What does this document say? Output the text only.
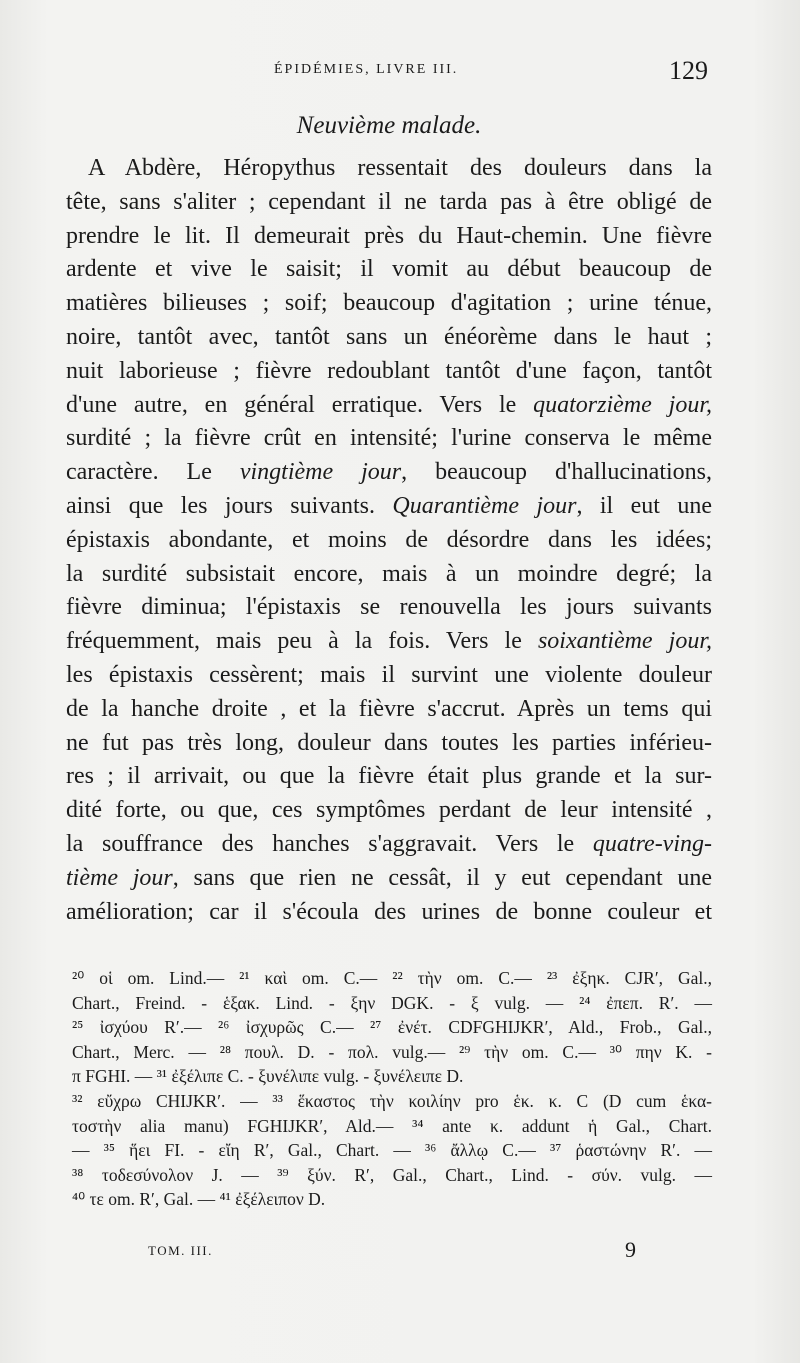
ÉPIDÉMIES, LIVRE III.	129
Neuvième malade.
A Abdère, Héropythus ressentait des douleurs dans la
tête, sans s'aliter ; cependant il ne tarda pas à être obligé de
prendre le lit. Il demeurait près du Haut-chemin. Une fièvre
ardente et vive le saisit; il vomit au début beaucoup de
matières bilieuses ; soif; beaucoup d'agitation ; urine ténue,
noire, tantôt avec, tantôt sans un énéorème dans le haut ;
nuit laborieuse ; fièvre redoublant tantôt d'une façon, tantôt
d'une autre, en général erratique. Vers le quatorzième jour,
surdité ; la fièvre crût en intensité; l'urine conserva le même
caractère. Le vingtième jour, beaucoup d'hallucinations,
ainsi que les jours suivants. Quarantième jour, il eut une
épistaxis abondante, et moins de désordre dans les idées;
la surdité subsistait encore, mais à un moindre degré; la
fièvre diminua; l'épistaxis se renouvella les jours suivants
fréquemment, mais peu à la fois. Vers le soixantième jour,
les épistaxis cessèrent; mais il survint une violente douleur
de la hanche droite , et la fièvre s'accrut. Après un tems qui
ne fut pas très long, douleur dans toutes les parties inférieu-
res ; il arrivait, ou que la fièvre était plus grande et la sur-
dité forte, ou que, ces symptômes perdant de leur intensité ,
la souffrance des hanches s'aggravait. Vers le quatre-ving-
tième jour, sans que rien ne cessât, il y eut cependant une
amélioration; car il s'écoula des urines de bonne couleur et
²⁰ οἱ om. Lind.— ²¹ καὶ om. C.— ²² τὴν om. C.— ²³ ἐξηκ. CJR′, Gal.,
Chart., Freind. - ἑξακ. Lind. - ξην DGK. - ξ vulg. — ²⁴ ἐπεπ. R′. —
²⁵ ἰσχύου R′.— ²⁶ ἰσχυρῶς C.— ²⁷ ἐνέτ. CDFGHIJKR′, Ald., Frob., Gal.,
Chart., Merc. — ²⁸ πουλ. D. - πολ. vulg.— ²⁹ τὴν om. C.— ³⁰ πην K. -
π FGHI. — ³¹ ἐξέλιπε C. - ξυνέλιπε vulg. - ξυνέλειπε D.
³² εὔχρω CHIJKR′. — ³³ ἕκαστος τὴν κοιλίην pro ἑκ. κ. C (D cum ἑκα-
τοστὴν alia manu) FGHIJKR′, Ald.— ³⁴ ante κ. addunt ἡ Gal., Chart.
— ³⁵ ἥει FI. - εἴη R′, Gal., Chart. — ³⁶ ἄλλῳ C.— ³⁷ ῥαστώνην R′. —
³⁸ τοδεσύνολον J. — ³⁹ ξύν. R′, Gal., Chart., Lind. - σύν. vulg. —
⁴⁰ τε om. R′, Gal. — ⁴¹ ἐξέλειπον D.
TOM. III.	9
